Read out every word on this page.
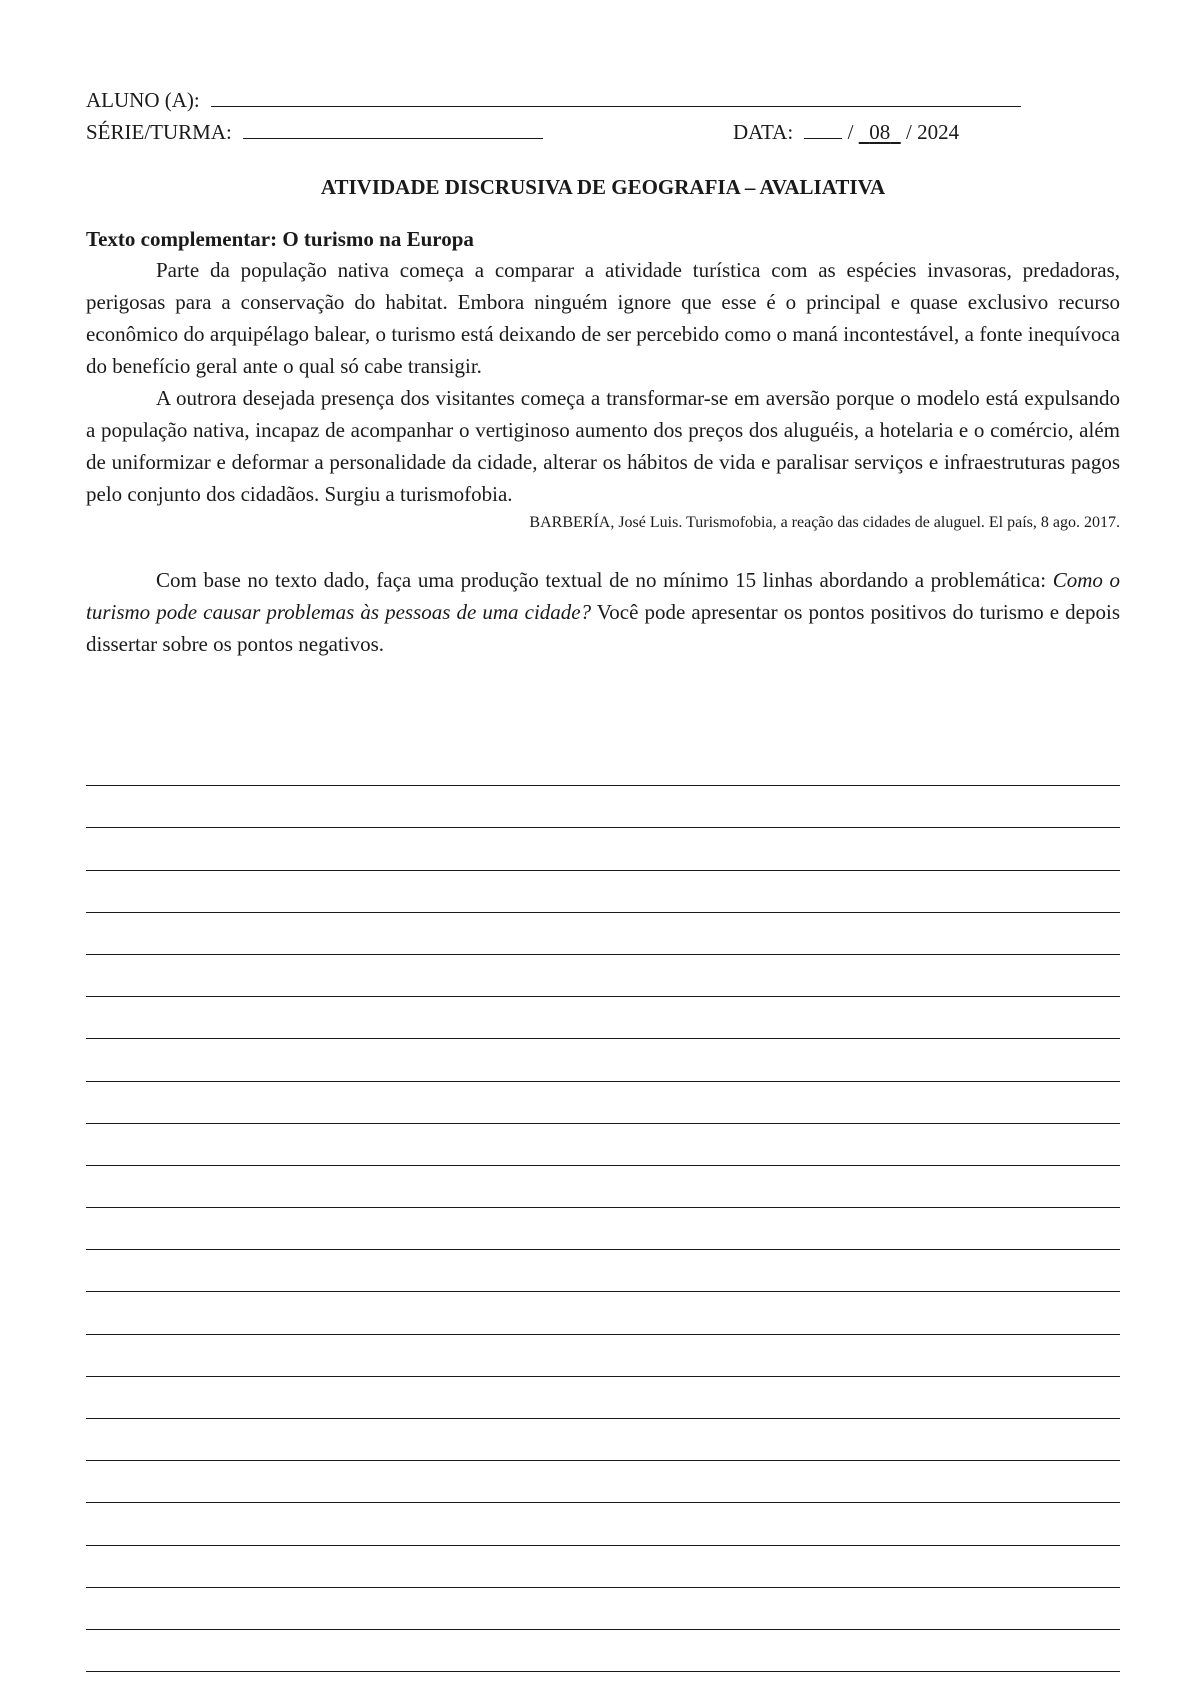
ALUNO (A):
SÉRIE/TURMA:	DATA:	/ 08 / 2024
ATIVIDADE DISCRUSIVA DE GEOGRAFIA – AVALIATIVA
Texto complementar: O turismo na Europa

Parte da população nativa começa a comparar a atividade turística com as espécies invasoras, predadoras, perigosas para a conservação do habitat. Embora ninguém ignore que esse é o principal e quase exclusivo recurso econômico do arquipélago balear, o turismo está deixando de ser percebido como o maná incontestável, a fonte inequívoca do benefício geral ante o qual só cabe transigir.

A outrora desejada presença dos visitantes começa a transformar-se em aversão porque o modelo está expulsando a população nativa, incapaz de acompanhar o vertiginoso aumento dos preços dos aluguéis, a hotelaria e o comércio, além de uniformizar e deformar a personalidade da cidade, alterar os hábitos de vida e paralisar serviços e infraestruturas pagos pelo conjunto dos cidadãos. Surgiu a turismofobia.

BARBERÍA, José Luis. Turismofobia, a reação das cidades de aluguel. El país, 8 ago. 2017.
Com base no texto dado, faça uma produção textual de no mínimo 15 linhas abordando a problemática: Como o turismo pode causar problemas às pessoas de uma cidade? Você pode apresentar os pontos positivos do turismo e depois dissertar sobre os pontos negativos.
